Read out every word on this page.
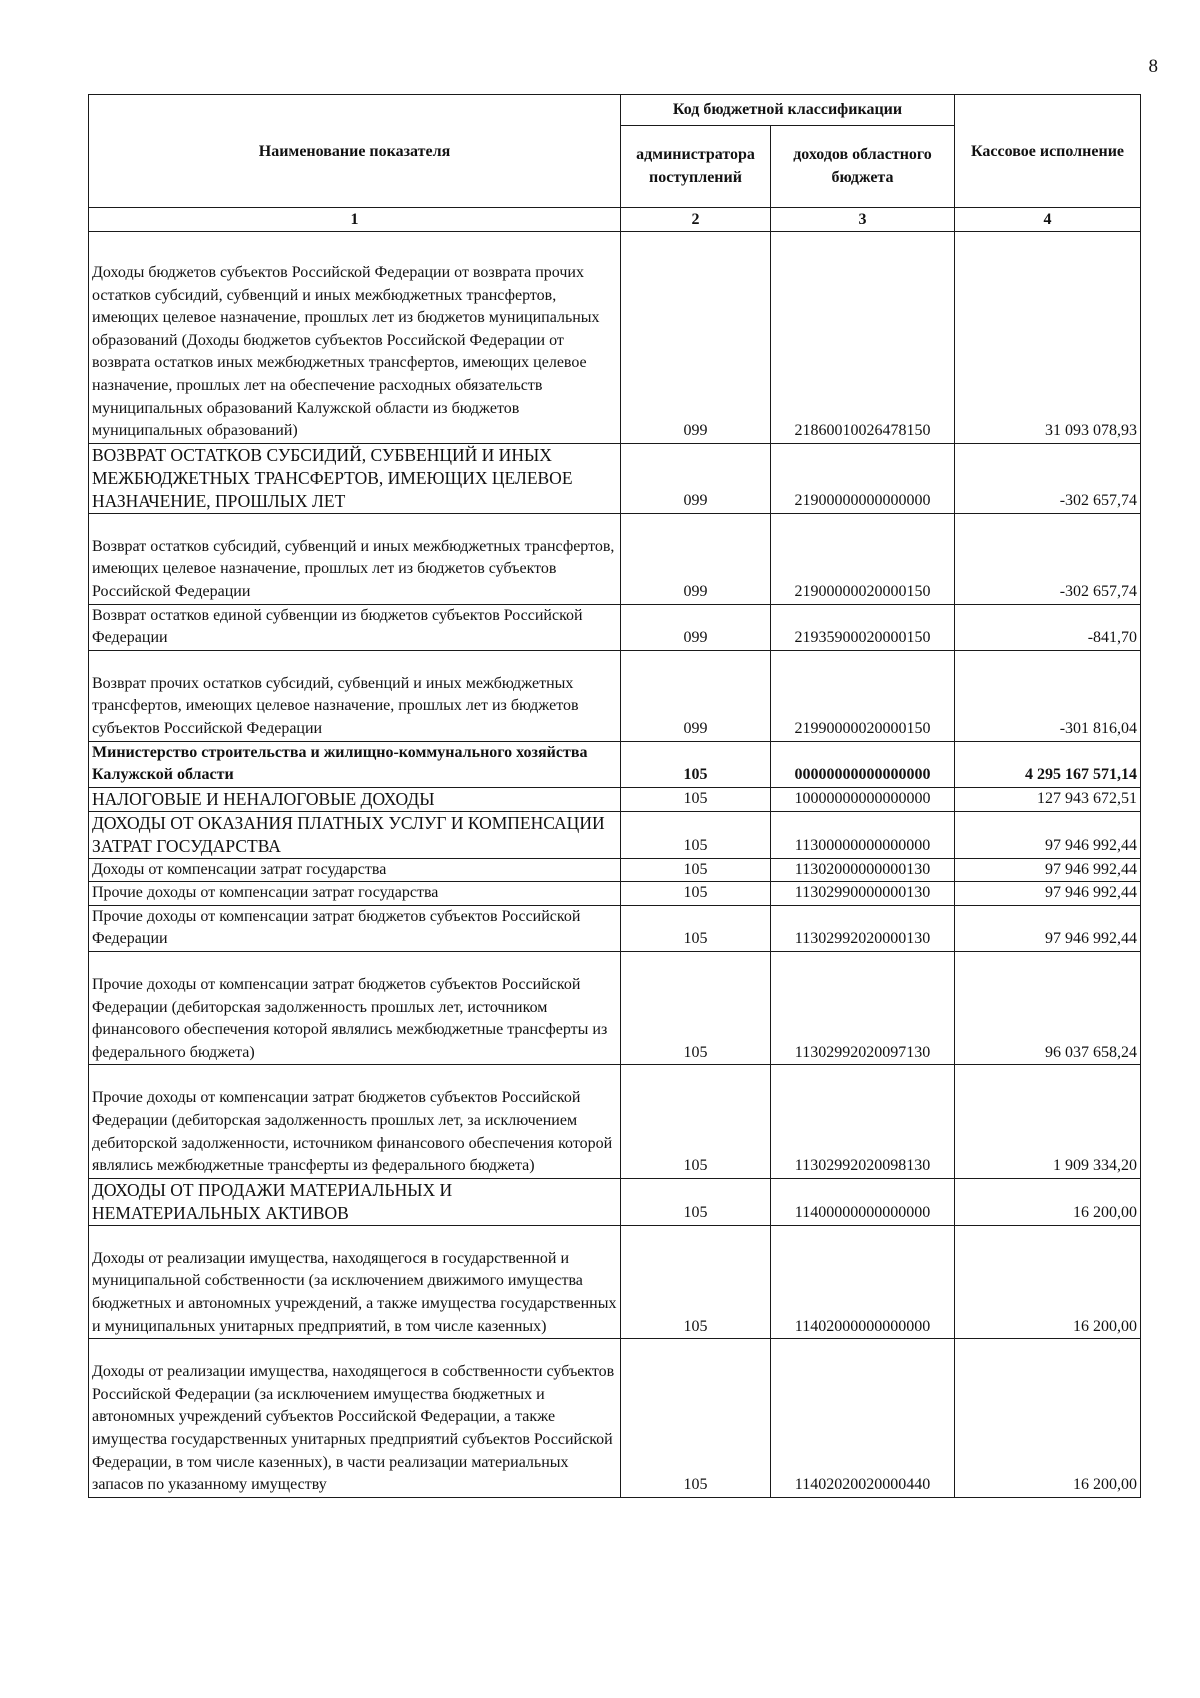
8
Наименование показателя	Код бюджетной классификации		Кассовое исполнение
	администратора поступлений	доходов областного бюджета	
1	2	3	4
Доходы бюджетов субъектов Российской Федерации от возврата прочих остатков субсидий, субвенций и иных межбюджетных трансфертов, имеющих целевое назначение, прошлых лет из бюджетов муниципальных образований (Доходы бюджетов субъектов Российской Федерации от возврата остатков иных межбюджетных трансфертов, имеющих целевое назначение, прошлых лет на обеспечение расходных обязательств муниципальных образований Калужской области из бюджетов муниципальных образований)	099	21860010026478150	31 093 078,93
ВОЗВРАТ ОСТАТКОВ СУБСИДИЙ, СУБВЕНЦИЙ И ИНЫХ МЕЖБЮДЖЕТНЫХ ТРАНСФЕРТОВ, ИМЕЮЩИХ ЦЕЛЕВОЕ НАЗНАЧЕНИЕ, ПРОШЛЫХ ЛЕТ	099	21900000000000000	-302 657,74
Возврат остатков субсидий, субвенций и иных межбюджетных трансфертов, имеющих целевое назначение, прошлых лет из бюджетов субъектов Российской Федерации	099	21900000020000150	-302 657,74
Возврат остатков единой субвенции из бюджетов субъектов Российской Федерации	099	21935900020000150	-841,70
Возврат прочих остатков субсидий, субвенций и иных межбюджетных трансфертов, имеющих целевое назначение, прошлых лет из бюджетов субъектов Российской Федерации	099	21990000020000150	-301 816,04
Министерство строительства и жилищно-коммунального хозяйства Калужской области	105	00000000000000000	4 295 167 571,14
НАЛОГОВЫЕ И НЕНАЛОГОВЫЕ ДОХОДЫ	105	10000000000000000	127 943 672,51
ДОХОДЫ ОТ ОКАЗАНИЯ ПЛАТНЫХ УСЛУГ И КОМПЕНСАЦИИ ЗАТРАТ ГОСУДАРСТВА	105	11300000000000000	97 946 992,44
Доходы от компенсации затрат государства	105	11302000000000130	97 946 992,44
Прочие доходы от компенсации затрат государства	105	11302990000000130	97 946 992,44
Прочие доходы от компенсации затрат бюджетов субъектов Российской Федерации	105	11302992020000130	97 946 992,44
Прочие доходы от компенсации затрат бюджетов субъектов Российской Федерации (дебиторская задолженность прошлых лет, источником финансового обеспечения которой являлись межбюджетные трансферты из федерального бюджета)	105	11302992020097130	96 037 658,24
Прочие доходы от компенсации затрат бюджетов субъектов Российской Федерации (дебиторская задолженность прошлых лет, за исключением дебиторской задолженности, источником финансового обеспечения которой являлись межбюджетные трансферты из федерального бюджета)	105	11302992020098130	1 909 334,20
ДОХОДЫ ОТ ПРОДАЖИ МАТЕРИАЛЬНЫХ И НЕМАТЕРИАЛЬНЫХ АКТИВОВ	105	11400000000000000	16 200,00
Доходы от реализации имущества, находящегося в государственной и муниципальной собственности (за исключением движимого имущества бюджетных и автономных учреждений, а также имущества государственных и муниципальных унитарных предприятий, в том числе казенных)	105	11402000000000000	16 200,00
Доходы от реализации имущества, находящегося в собственности субъектов Российской Федерации (за исключением имущества бюджетных и автономных учреждений субъектов Российской Федерации, а также имущества государственных унитарных предприятий субъектов Российской Федерации, в том числе казенных), в части реализации материальных запасов по указанному имуществу	105	11402020020000440	16 200,00
